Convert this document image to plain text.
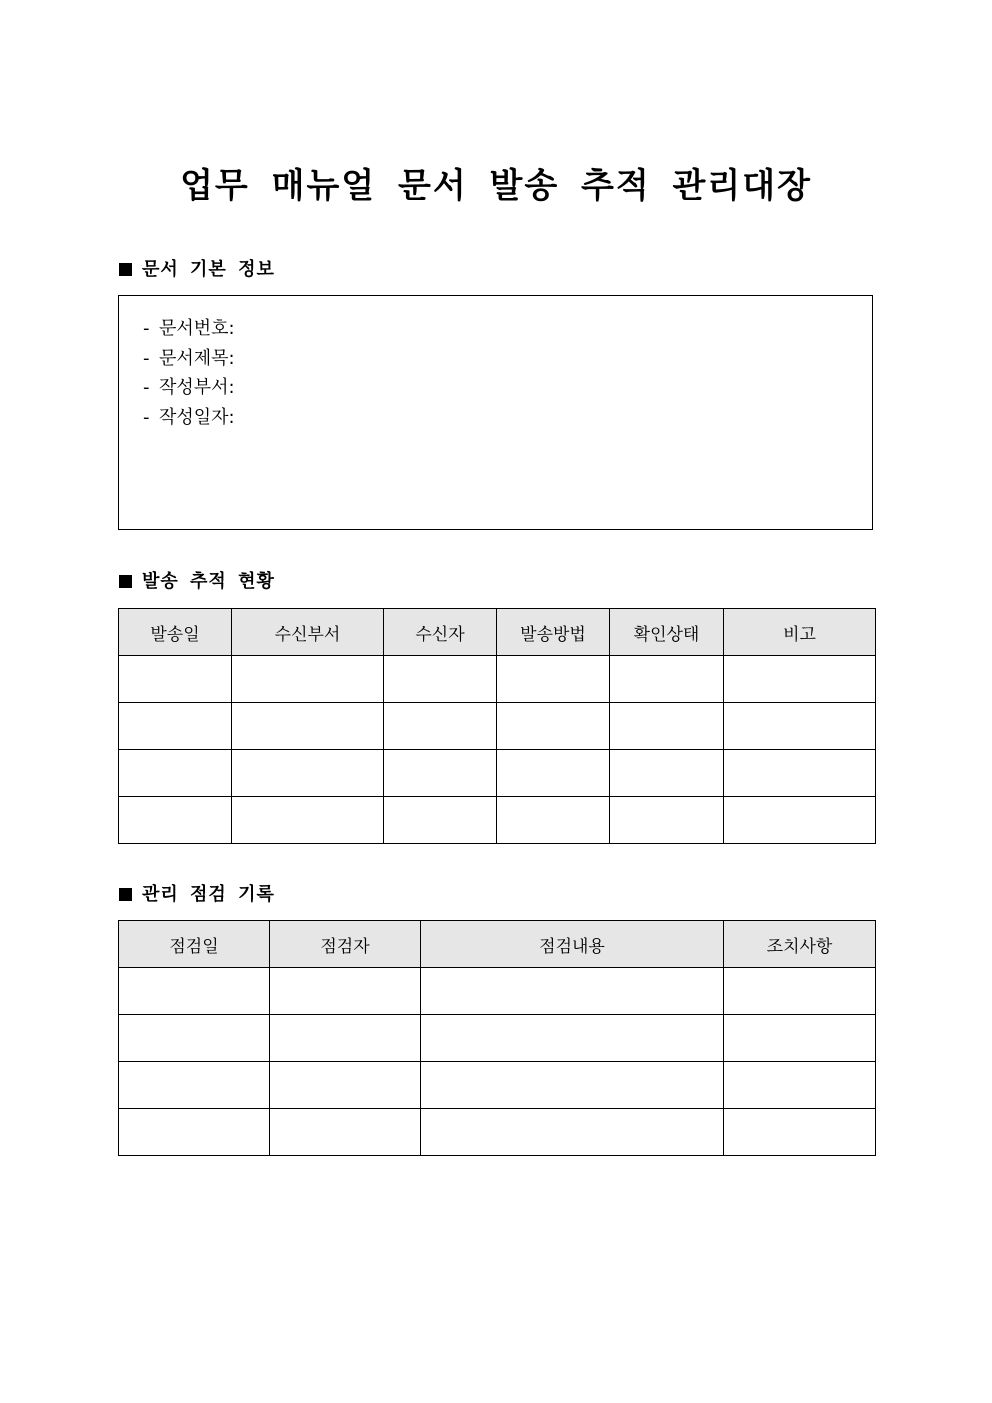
업무 매뉴얼 문서 발송 추적 관리대장
문서 기본 정보
- 문서번호:
- 문서제목:
- 작성부서:
- 작성일자:
발송 추적 현황
발송일	수신부서	수신자	발송방법	확인상태	비고

관리 점검 기록
점검일	점검자	점검내용	조치사항
